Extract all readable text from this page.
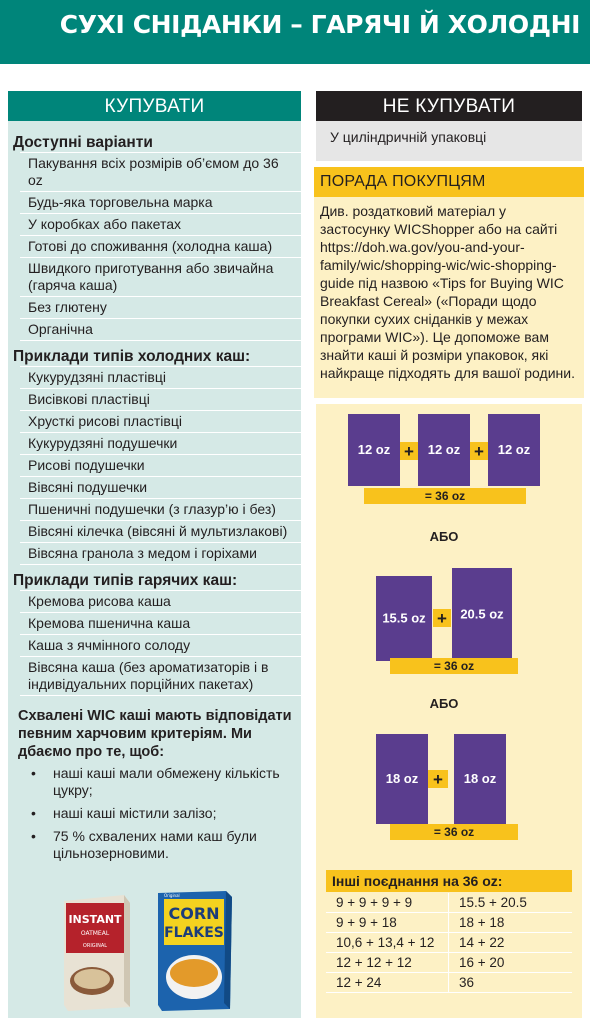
СУХІ СНІДАНКИ – ГАРЯЧІ Й ХОЛОДНІ
КУПУВАТИ
Доступні варіанти
Пакування всіх розмірів об’ємом до 36 oz
Будь-яка торговельна марка
У коробках або пакетах
Готові до споживання (холодна каша)
Швидкого приготування або звичайна (гаряча каша)
Без глютену
Органічна
Приклади типів холодних каш:
Кукурудзяні пластівці
Висівкові пластівці
Хрусткі рисові пластівці
Кукурудзяні подушечки
Рисові подушечки
Вівсяні подушечки
Пшеничні подушечки (з глазур’ю і без)
Вівсяні кілечка (вівсяні й мультизлакові)
Вівсяна гранола з медом і горіхами
Приклади типів гарячих каш:
Кремова рисова каша
Кремова пшенична каша
Каша з ячмінного солоду
Вівсяна каша (без ароматизаторів і в індивідуальних порційних пакетах)
Схвалені WIC каші мають відповідати певним харчовим критеріям. Ми дбаємо про те, щоб:
• наші каші мали обмежену кількість цукру;
• наші каші містили залізо;
• 75 % схвалених нами каш були цільнозерновими.
INSTANT
OATMEAL
ORIGINAL
Original
CORN
FLAKES
НЕ КУПУВАТИ
У циліндричній упаковці
ПОРАДА ПОКУПЦЯМ
Див. роздатковий матеріал у застосунку WICShopper або на сайті https://doh.wa.gov/you-and-your-family/wic/shopping-wic/wic-shopping-guide під назвою «Tips for Buying WIC Breakfast Cereal» («Поради щодо покупки сухих сніданків у межах програми WIC»). Це допоможе вам знайти каші й розміри упаковок, які найкраще підходять для вашої родини.
12 oz	12 oz	12 oz
+	+
= 36 oz
15.5 oz	20.5 oz
+
= 36 oz
18 oz	18 oz
+
= 36 oz
АБО
АБО
Інші поєднання на 36 oz:
9 + 9 + 9 + 9	15.5 + 20.5
9 + 9 + 18	18 + 18
10,6 + 13,4 + 12	14 + 22
12 + 12 + 12	16 + 20
12 + 24	36
